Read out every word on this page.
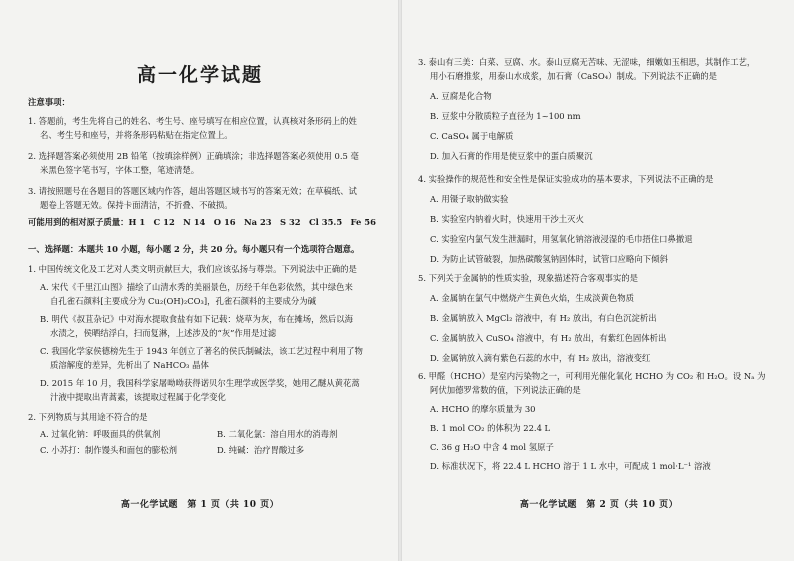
高一化学试题
注意事项：
1. 答题前，考生先将自己的姓名、考生号、座号填写在相应位置，认真核对条形码上的姓
名、考生号和座号，并将条形码粘贴在指定位置上。
2. 选择题答案必须使用 2B 铅笔（按填涂样例）正确填涂；非选择题答案必须使用 0.5 毫
米黑色签字笔书写，字体工整，笔迹清楚。
3. 请按照题号在各题目的答题区域内作答，超出答题区域书写的答案无效；在草稿纸、试
题卷上答题无效。保持卡面清洁，不折叠、不破损。
可能用到的相对原子质量：H 1　C 12　N 14　O 16　Na 23　S 32　Cl 35.5　Fe 56
一、选择题：本题共 10 小题，每小题 2 分，共 20 分。每小题只有一个选项符合题意。
1. 中国传统文化及工艺对人类文明贡献巨大，我们应该弘扬与尊崇。下列说法中正确的是
A. 宋代《千里江山图》描绘了山清水秀的美丽景色，历经千年色彩依然，其中绿色来
自孔雀石颜料[主要成分为 Cu₂(OH)₂CO₃]，孔雀石颜料的主要成分为碱
B. 明代《叔苴杂记》中对海水提取食盐有如下记载：烧草为灰，布在摊场，然后以海
水渍之，侯晒结浮白，扫而复淋，上述涉及的“灰”作用是过滤
C. 我国化学家侯德榜先生于 1943 年创立了著名的侯氏制碱法，该工艺过程中利用了物
质溶解度的差异，先析出了 NaHCO₃ 晶体
D. 2015 年 10 月，我国科学家屠呦呦获得诺贝尔生理学或医学奖，她用乙醚从黄花蒿
汁液中提取出青蒿素，该提取过程属于化学变化
2. 下列物质与其用途不符合的是
A. 过氧化钠：呼吸面具的供氧剂	B. 二氧化氯：溶自用水的消毒剂
C. 小苏打：制作馒头和面包的膨松剂	D. 纯碱：治疗胃酸过多
高一化学试题　第 1 页（共 10 页）
3. 泰山有三美：白菜、豆腐、水。泰山豆腐无苦味、无涩味，细嫩如玉相思，其制作工艺，
用小石磨推浆，用泰山水成浆，加石膏（CaSO₄）制成。下列说法不正确的是
A. 豆腐是化合物
B. 豆浆中分散质粒子直径为 1~100 nm
C. CaSO₄ 属于电解质
D. 加入石膏的作用是使豆浆中的蛋白质聚沉
4. 实验操作的规范性和安全性是保证实验成功的基本要求，下列说法不正确的是
A. 用镊子取钠做实验
B. 实验室内钠着火时，快速用干沙土灭火
C. 实验室内氯气发生泄漏时，用氢氧化钠溶液浸湿的毛巾捂住口鼻撤退
D. 为防止试管破裂，加热碳酸氢钠固体时，试管口应略向下倾斜
5. 下列关于金属钠的性质实验，现象描述符合客观事实的是
A. 金属钠在氯气中燃烧产生黄色火焰，生成淡黄色物质
B. 金属钠放入 MgCl₂ 溶液中，有 H₂ 放出，有白色沉淀析出
C. 金属钠放入 CuSO₄ 溶液中，有 H₂ 放出，有紫红色固体析出
D. 金属钠放入滴有紫色石蕊的水中，有 H₂ 放出，溶液变红
6. 甲醛（HCHO）是室内污染物之一，可利用光催化氧化 HCHO 为 CO₂ 和 H₂O。设 Nₐ 为
阿伏加德罗常数的值，下列说法正确的是
A. HCHO 的摩尔质量为 30
B. 1 mol CO₂ 的体积为 22.4 L
C. 36 g H₂O 中含 4 mol 氢原子
D. 标准状况下，将 22.4 L HCHO 溶于 1 L 水中，可配成 1 mol·L⁻¹ 溶液
高一化学试题　第 2 页（共 10 页）
